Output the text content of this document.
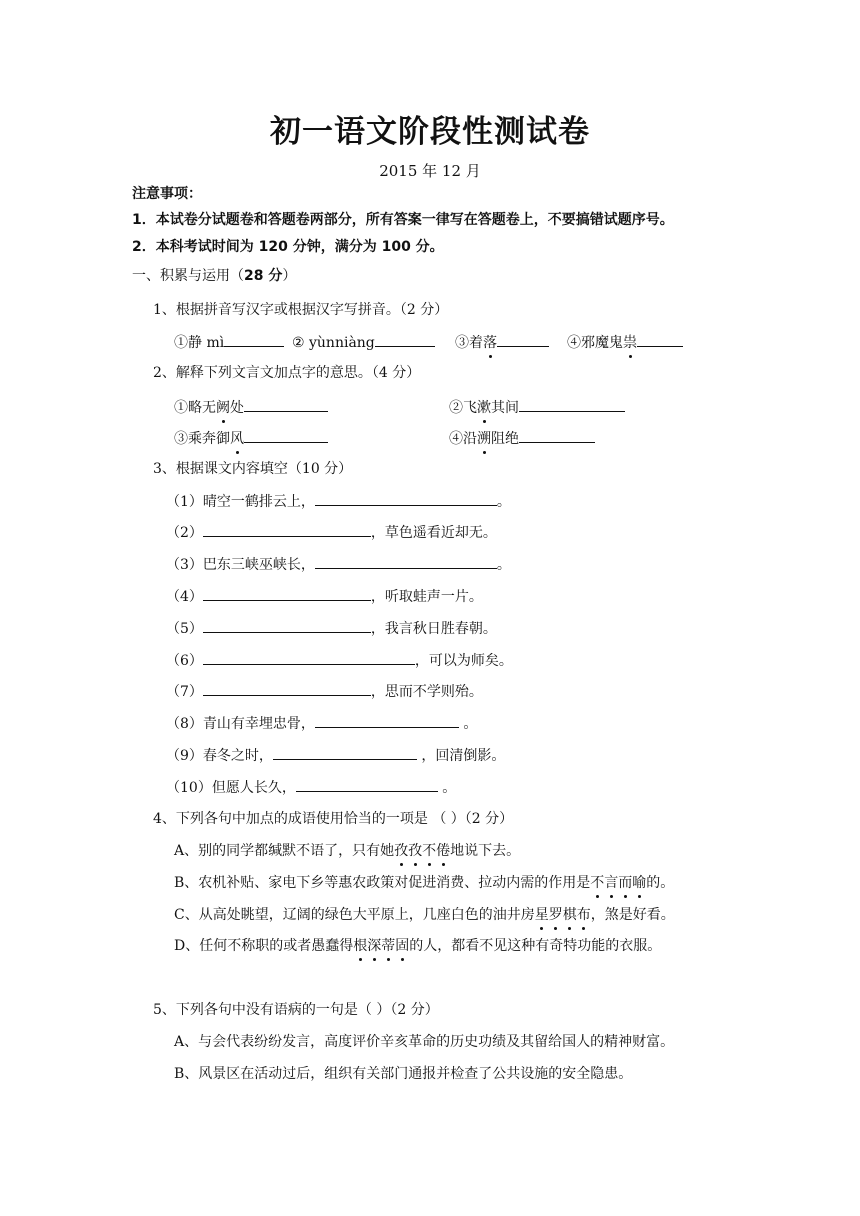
初一语文阶段性测试卷
2015 年 12 月
注意事项：
1．本试卷分试题卷和答题卷两部分，所有答案一律写在答题卷上，不要搞错试题序号。
2．本科考试时间为 120 分钟，满分为 100 分。
一、积累与运用（28 分）
1、根据拼音写汉字或根据汉字写拼音。（2 分）
①静 mì	② yùnniàng	③着落	④邪魔鬼祟
2、解释下列文言文加点字的意思。（4 分）
①略无阙处	②飞漱其间
③乘奔御风	④沿溯阻绝
3、根据课文内容填空（10 分）
（1）晴空一鹤排云上，	。
（2）	，草色遥看近却无。
（3）巴东三峡巫峡长，	。
（4）	，听取蛙声一片。
（5）	，我言秋日胜春朝。
（6）	，可以为师矣。
（7）	，思而不学则殆。
（8）青山有幸埋忠骨，	。
（9）春冬之时，	，回清倒影。
（10）但愿人长久，	。
4、下列各句中加点的成语使用恰当的一项是 （ ）（2 分）
A、别的同学都缄默不语了，只有她孜孜不倦地说下去。
B、农机补贴、家电下乡等惠农政策对促进消费、拉动内需的作用是不言而喻的。
C、从高处眺望，辽阔的绿色大平原上，几座白色的油井房星罗棋布，煞是好看。
D、任何不称职的或者愚蠢得根深蒂固的人，都看不见这种有奇特功能的衣服。
5、下列各句中没有语病的一句是（ ）（2 分）
A、与会代表纷纷发言，高度评价辛亥革命的历史功绩及其留给国人的精神财富。
B、风景区在活动过后，组织有关部门通报并检查了公共设施的安全隐患。
